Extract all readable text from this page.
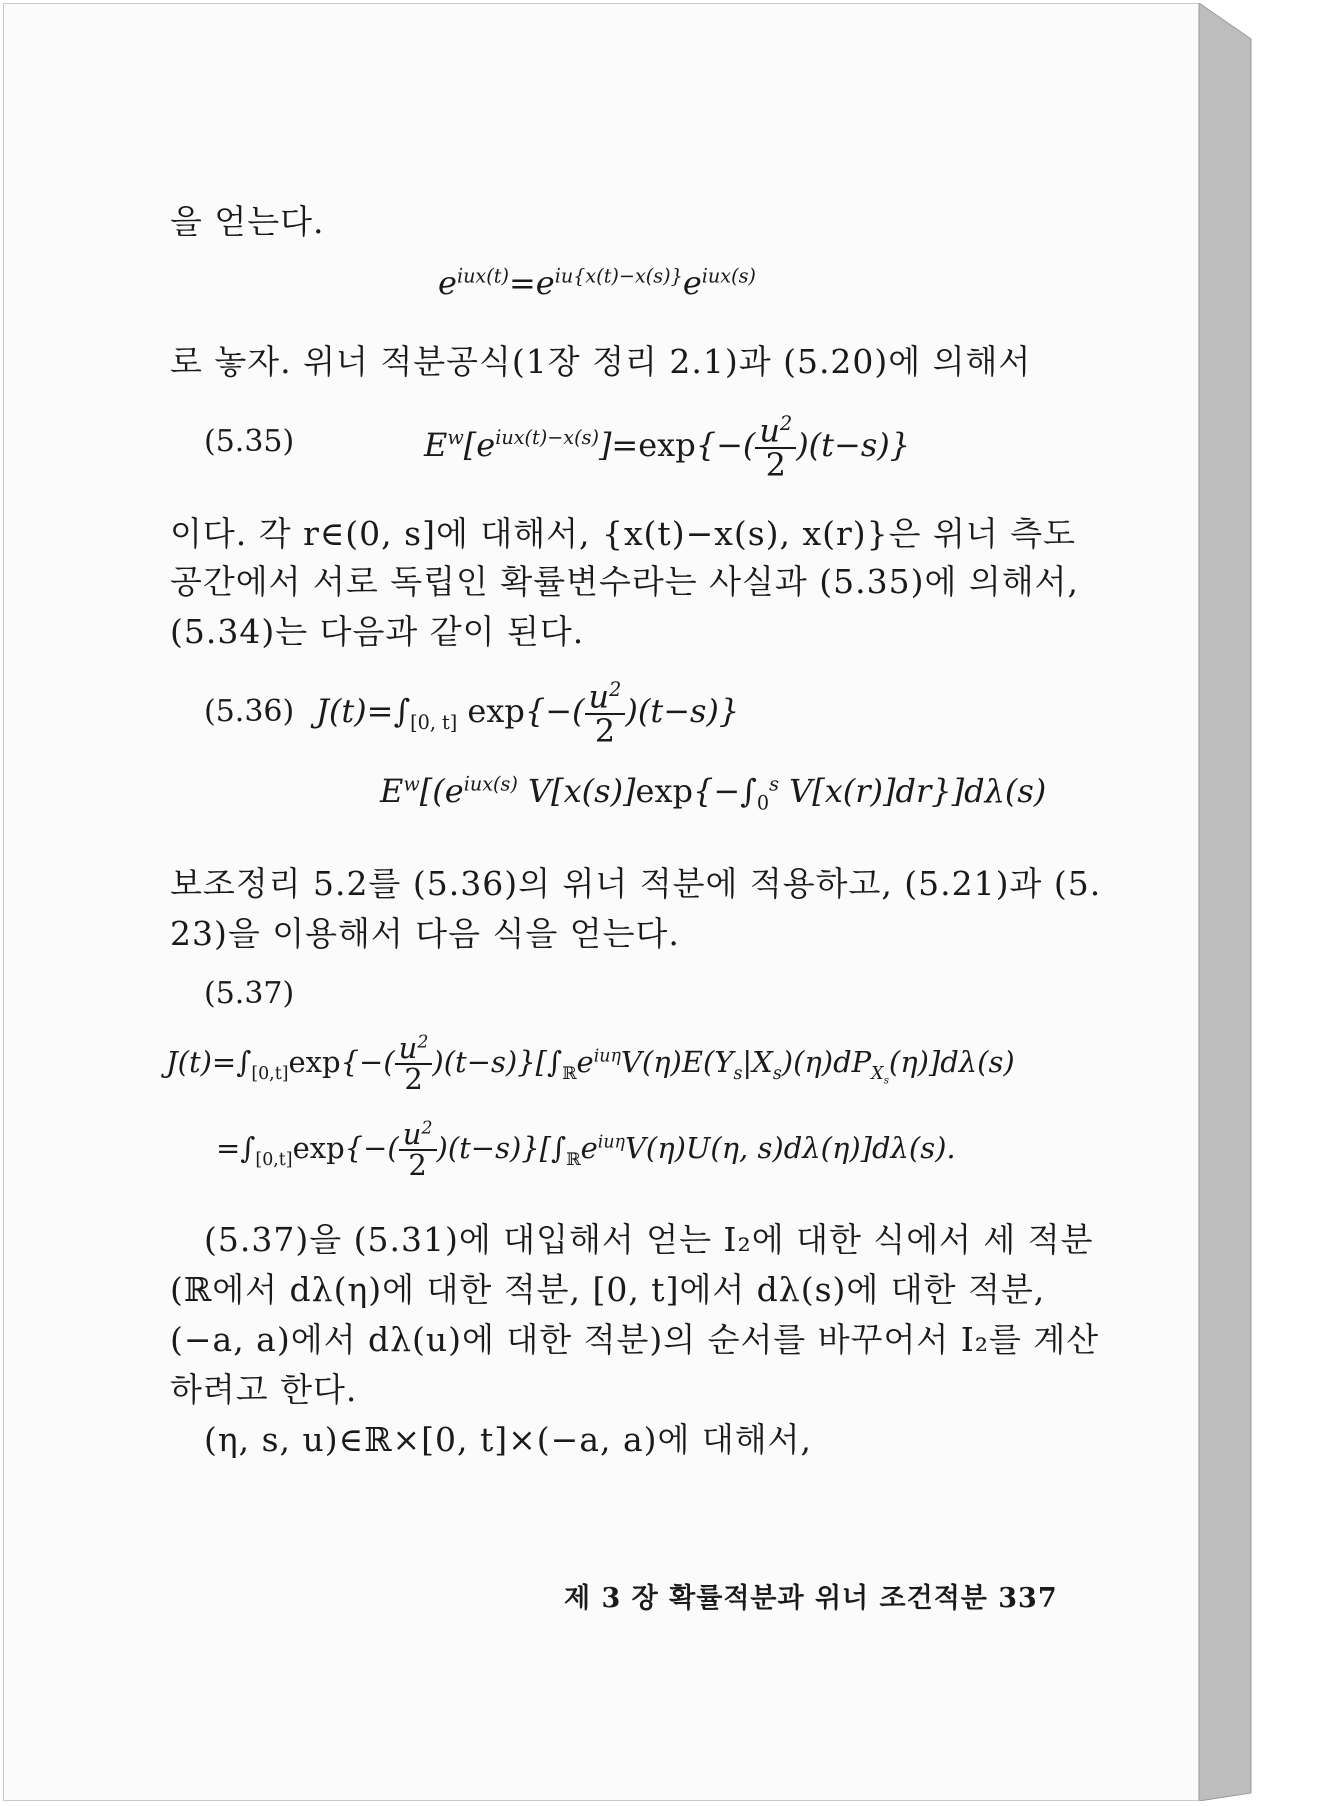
을 얻는다.
$e^{iux(t)}=e^{iu\{x(t)-x(s)\}}e^{iux(s)}$
로 놓자. 위너 적분공식(1장 정리 2.1)과 (5.20)에 의해서
(5.35)	$E^w[e^{iux(t)-x(s)}]=\exp\{-( \frac{u^2}{2} )(t-s)\}$
이다. 각 r∈(0, s]에 대해서, {x(t)−x(s), x(r)}은 위너 측도
공간에서 서로 독립인 확률변수라는 사실과 (5.35)에 의해서,
(5.34)는 다음과 같이 된다.
(5.36) $J(t)=\int_{[0, t]}$ $\exp\{-( \frac{u^2}{2} )(t-s)\}$
$E^w[(e^{iux(s)}$ $V[x(s)]\exp\{-\int_0^s$ V[x(r)]dr}]dλ(s)
보조정리 5.2를 (5.36)의 위너 적분에 적용하고, (5.21)과 (5.
23)을 이용해서 다음 식을 얻는다.
(5.37)
$J(t)=\int_{[0,t]}\exp\{-( \frac{u^2}{2} )(t-s)\}[\int_ℝe^{iu\eta}V(\eta)E(Y_s|X_s)(\eta)dP_{X_s}(\eta)]d\lambda(s)$
$=\int_{[0,t]}\exp\{-( \frac{u^2}{2} )(t-s)\}[\int_ℝe^{iu\eta}V(\eta)U(\eta$, s)dλ(η)]dλ(s).
(5.37)을 (5.31)에 대입해서 얻는 I₂에 대한 식에서 세 적분
(ℝ에서 dλ(η)에 대한 적분, [0, t]에서 dλ(s)에 대한 적분,
(−a, a)에서 dλ(u)에 대한 적분)의 순서를 바꾸어서 I₂를 계산
하려고 한다.
(η, s, u)∈ℝ×[0, t]×(−a, a)에 대해서,
제 3 장 확률적분과 위너 조건적분 337
